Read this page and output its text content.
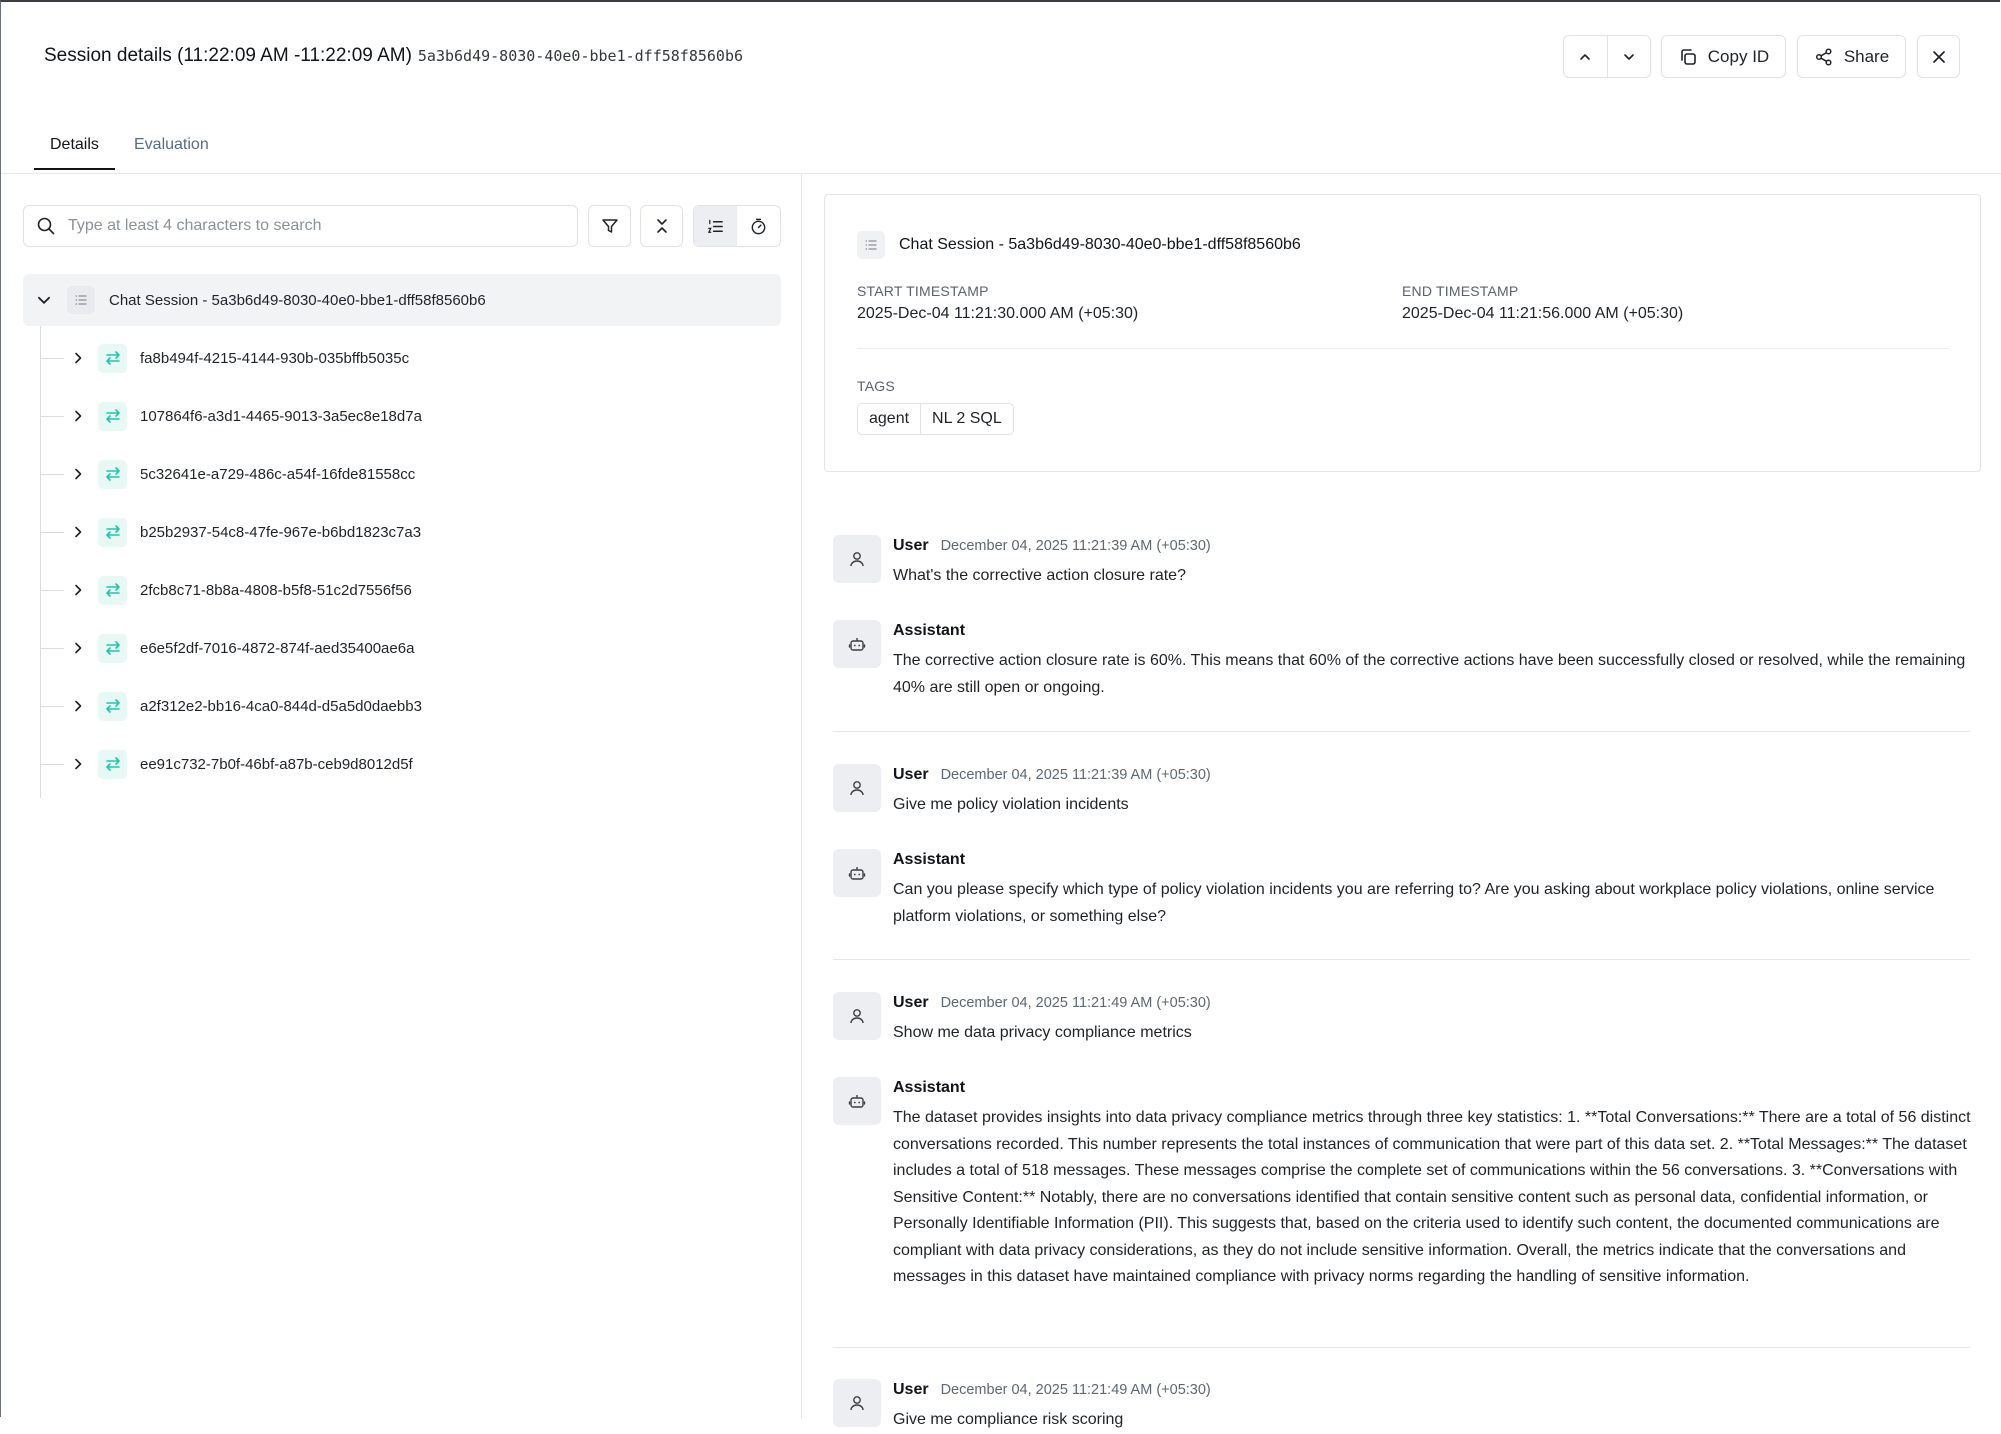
Session details (11:22:09 AM -11:22:09 AM) 5a3b6d49-8030-40e0-bbe1-dff58f8560b6	Copy ID	Share
Details	Evaluation
Type at least 4 characters to search
Chat Session - 5a3b6d49-8030-40e0-bbe1-dff58f8560b6
fa8b494f-4215-4144-930b-035bffb5035c
107864f6-a3d1-4465-9013-3a5ec8e18d7a
5c32641e-a729-486c-a54f-16fde81558cc
b25b2937-54c8-47fe-967e-b6bd1823c7a3
2fcb8c71-8b8a-4808-b5f8-51c2d7556f56
e6e5f2df-7016-4872-874f-aed35400ae6a
a2f312e2-bb16-4ca0-844d-d5a5d0daebb3
ee91c732-7b0f-46bf-a87b-ceb9d8012d5f
Chat Session - 5a3b6d49-8030-40e0-bbe1-dff58f8560b6
START TIMESTAMP
2025-Dec-04 11:21:30.000 AM (+05:30)
END TIMESTAMP
2025-Dec-04 11:21:56.000 AM (+05:30)
TAGS
agent	NL 2 SQL
User December 04, 2025 11:21:39 AM (+05:30)
What's the corrective action closure rate?
Assistant
The corrective action closure rate is 60%. This means that 60% of the corrective actions have been successfully closed or resolved, while the remaining 40% are still open or ongoing.
User December 04, 2025 11:21:39 AM (+05:30)
Give me policy violation incidents
Assistant
Can you please specify which type of policy violation incidents you are referring to? Are you asking about workplace policy violations, online service platform violations, or something else?
User December 04, 2025 11:21:49 AM (+05:30)
Show me data privacy compliance metrics
Assistant
The dataset provides insights into data privacy compliance metrics through three key statistics: 1. **Total Conversations:** There are a total of 56 distinct conversations recorded. This number represents the total instances of communication that were part of this data set. 2. **Total Messages:** The dataset includes a total of 518 messages. These messages comprise the complete set of communications within the 56 conversations. 3. **Conversations with Sensitive Content:** Notably, there are no conversations identified that contain sensitive content such as personal data, confidential information, or Personally Identifiable Information (PII). This suggests that, based on the criteria used to identify such content, the documented communications are compliant with data privacy considerations, as they do not include sensitive information. Overall, the metrics indicate that the conversations and messages in this dataset have maintained compliance with privacy norms regarding the handling of sensitive information.
User December 04, 2025 11:21:49 AM (+05:30)
Give me compliance risk scoring
